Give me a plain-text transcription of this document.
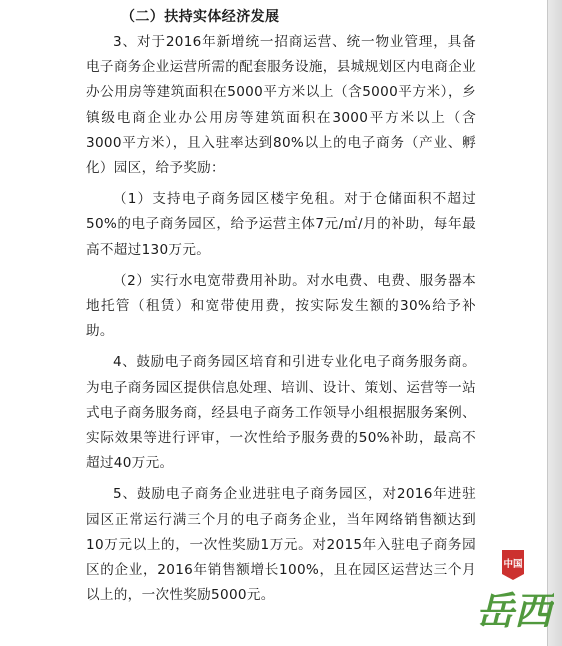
（二）扶持实体经济发展

3、对于2016年新增统一招商运营、统一物业管理，具备电子商务企业运营所需的配套服务设施，县城规划区内电商企业办公用房等建筑面积在5000平方米以上（含5000平方米），乡镇级电商企业办公用房等建筑面积在3000平方米以上（含3000平方米），且入驻率达到80%以上的电子商务（产业、孵化）园区，给予奖励：

（1）支持电子商务园区楼宇免租。对于仓储面积不超过50%的电子商务园区，给予运营主体7元/㎡/月的补助，每年最高不超过130万元。

（2）实行水电宽带费用补助。对水电费、电费、服务器本地托管（租赁）和宽带使用费，按实际发生额的30%给予补助。

4、鼓励电子商务园区培育和引进专业化电子商务服务商。为电子商务园区提供信息处理、培训、设计、策划、运营等一站式电子商务服务商，经县电子商务工作领导小组根据服务案例、实际效果等进行评审，一次性给予服务费的50%补助，最高不超过40万元。

5、鼓励电子商务企业进驻电子商务园区，对2016年进驻园区正常运行满三个月的电子商务企业，当年网络销售额达到10万元以上的，一次性奖励1万元。对2015年入驻电子商务园区的企业，2016年销售额增长100%，且在园区运营达三个月以上的，一次性奖励5000元。

中国
岳西
